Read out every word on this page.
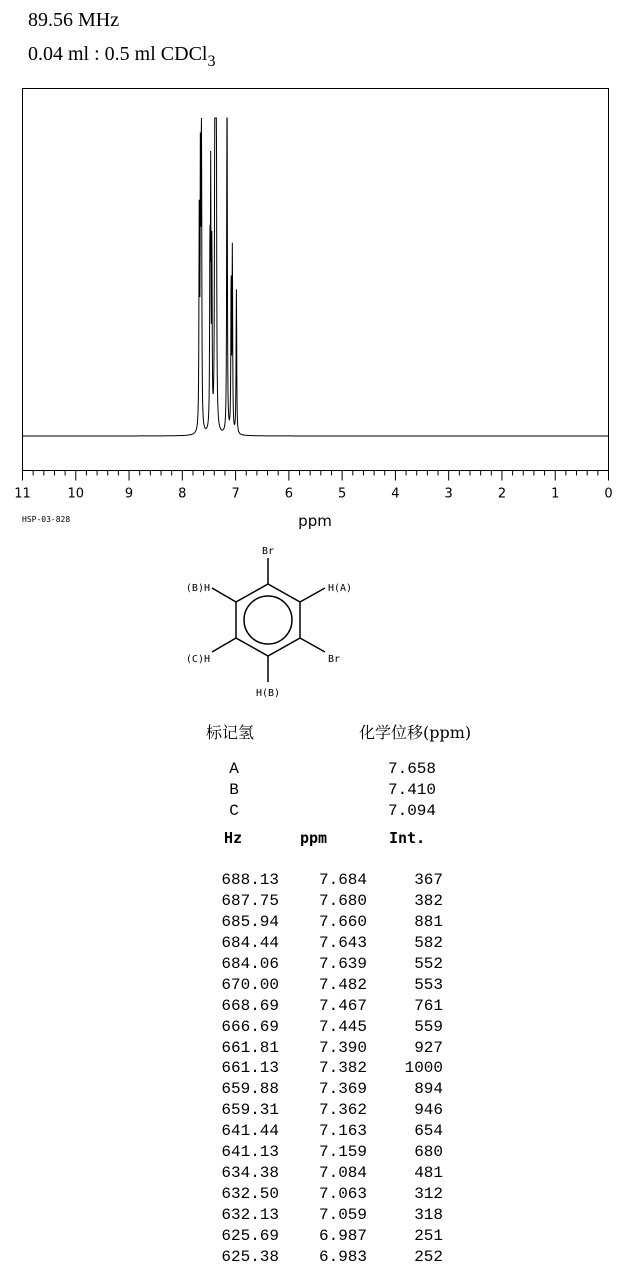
89.56 MHz
0.04 ml : 0.5 ml CDCl$_3$
11	10	9	8	7	6	5	4	3	2	1	0
ppm
HSP-03-828
Br
H(A)
Br
H(B)
(C)H
(B)H
标记氢	化学位移(ppm)
A	7.658
B	7.410
C	7.094
Hz	ppm	Int.
688.13	7.684	367
687.75	7.680	382
685.94	7.660	881
684.44	7.643	582
684.06	7.639	552
670.00	7.482	553
668.69	7.467	761
666.69	7.445	559
661.81	7.390	927
661.13	7.382	1000
659.88	7.369	894
659.31	7.362	946
641.44	7.163	654
641.13	7.159	680
634.38	7.084	481
632.50	7.063	312
632.13	7.059	318
625.69	6.987	251
625.38	6.983	252
